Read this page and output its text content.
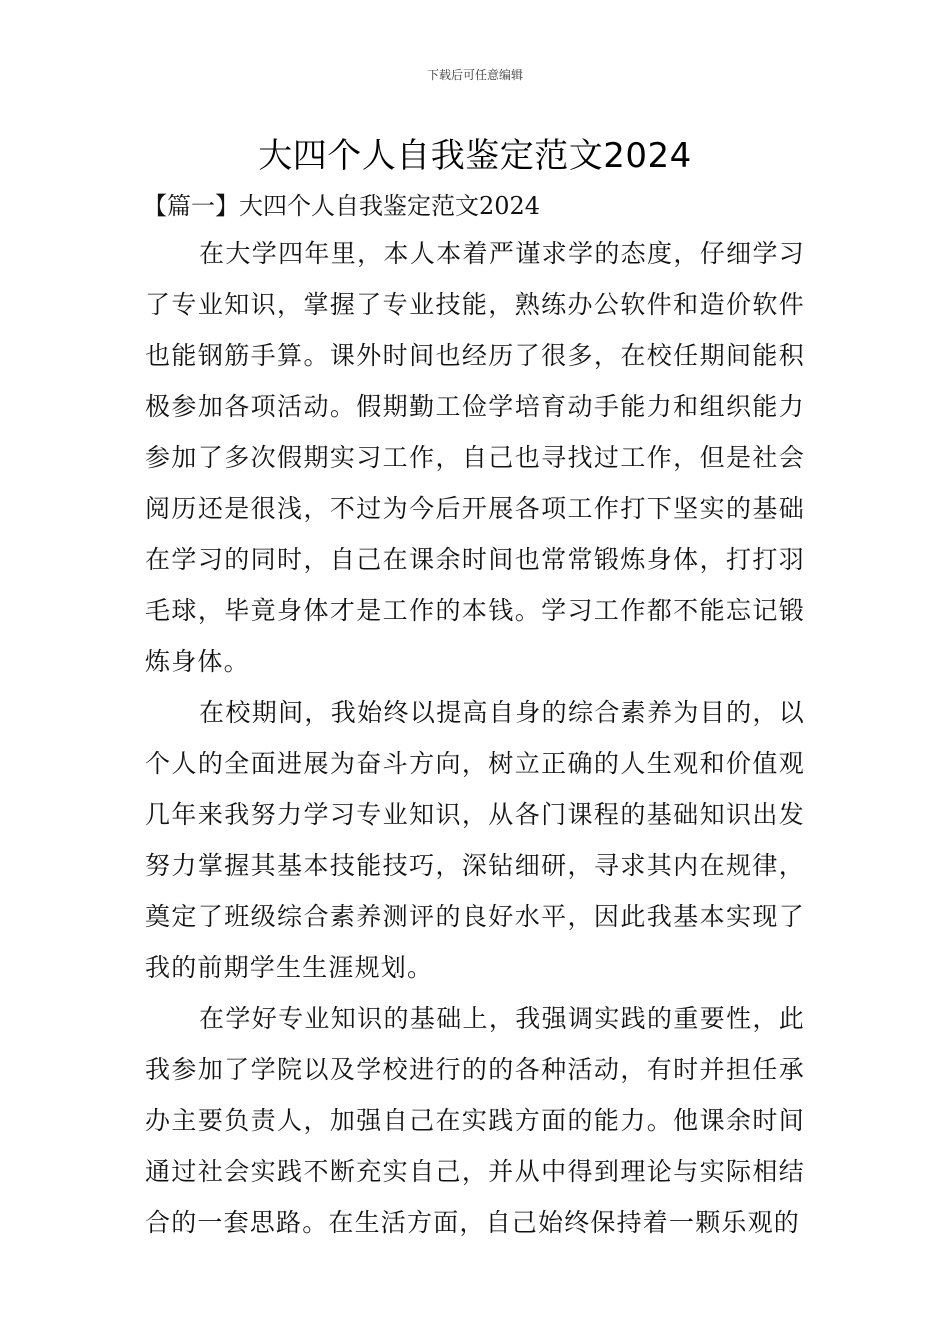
下载后可任意编辑
大四个人自我鉴定范文2024
【篇一】大四个人自我鉴定范文2024

在大学四年里，本人本着严谨求学的态度，仔细学习了专业知识，掌握了专业技能，熟练办公软件和造价软件也能钢筋手算。课外时间也经历了很多，在校任期间能积极参加各项活动。假期勤工俭学培育动手能力和组织能力参加了多次假期实习工作，自己也寻找过工作，但是社会阅历还是很浅，不过为今后开展各项工作打下坚实的基础在学习的同时，自己在课余时间也常常锻炼身体，打打羽毛球，毕竟身体才是工作的本钱。学习工作都不能忘记锻炼身体。

在校期间，我始终以提高自身的综合素养为目的，以个人的全面进展为奋斗方向，树立正确的人生观和价值观几年来我努力学习专业知识，从各门课程的基础知识出发努力掌握其基本技能技巧，深钻细研，寻求其内在规律，奠定了班级综合素养测评的良好水平，因此我基本实现了我的前期学生生涯规划。

在学好专业知识的基础上，我强调实践的重要性，此我参加了学院以及学校进行的的各种活动，有时并担任承办主要负责人，加强自己在实践方面的能力。他课余时间通过社会实践不断充实自己，并从中得到理论与实际相结合的一套思路。在生活方面，自己始终保持着一颗乐观的
